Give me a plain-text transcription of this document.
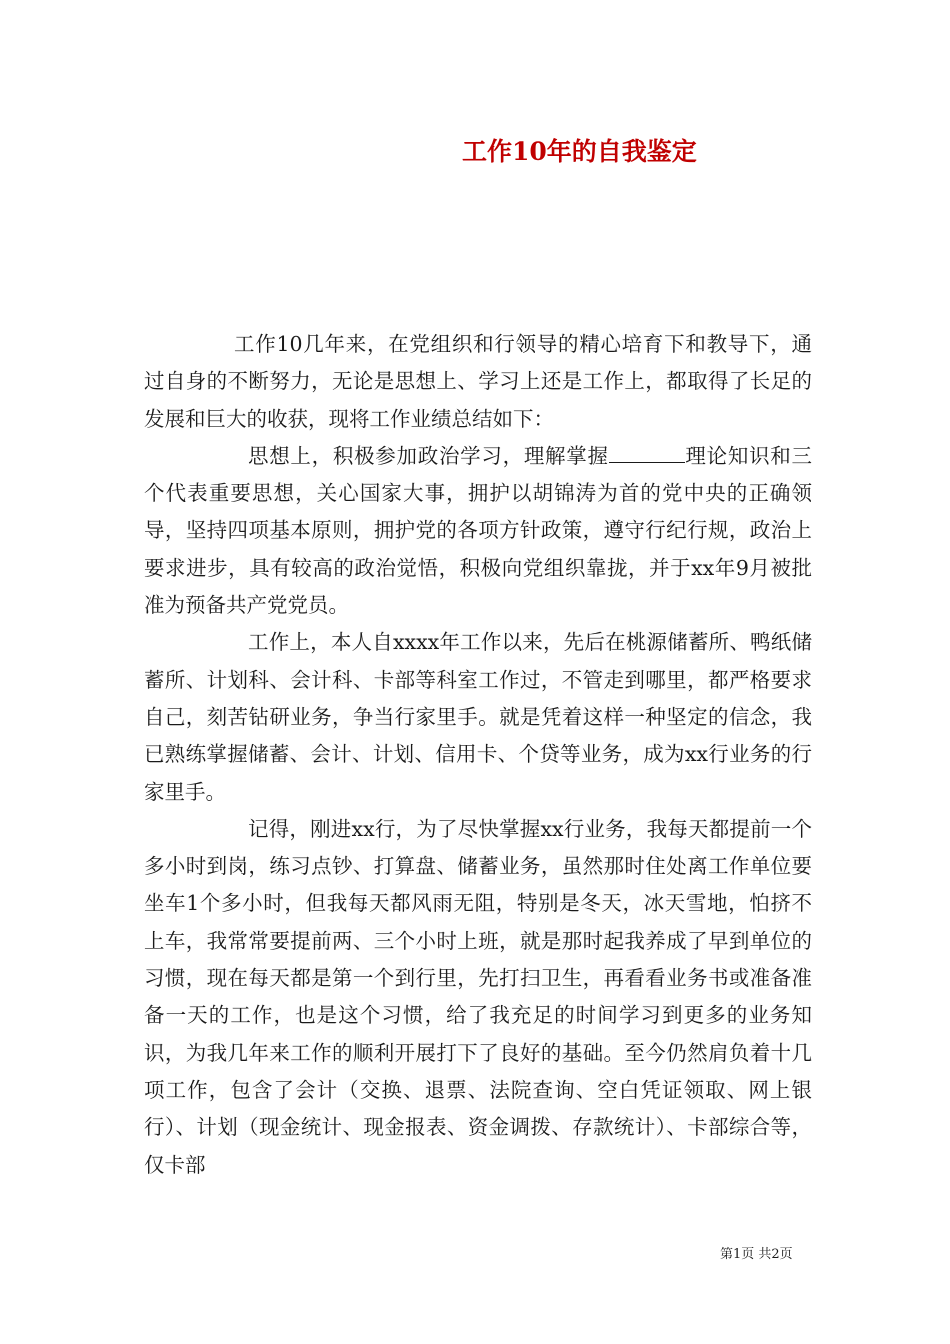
工作10年的自我鉴定

工作10几年来，在党组织和行领导的精心培育下和教导下，通过自身的不断努力，无论是思想上、学习上还是工作上，都取得了长足的发展和巨大的收获，现将工作业绩总结如下：

思想上，积极参加政治学习，理解掌握	理论知识和三个代表重要思想，关心国家大事，拥护以胡锦涛为首的党中央的正确领导，坚持四项基本原则，拥护党的各项方针政策，遵守行纪行规，政治上要求进步，具有较高的政治觉悟，积极向党组织靠拢，并于xx年9月被批准为预备共产党党员。

工作上，本人自xxxx年工作以来，先后在桃源储蓄所、鸭纸储蓄所、计划科、会计科、卡部等科室工作过，不管走到哪里，都严格要求自己，刻苦钻研业务，争当行家里手。就是凭着这样一种坚定的信念，我已熟练掌握储蓄、会计、计划、信用卡、个贷等业务，成为xx行业务的行家里手。

记得，刚进xx行，为了尽快掌握xx行业务，我每天都提前一个多小时到岗，练习点钞、打算盘、储蓄业务，虽然那时住处离工作单位要坐车1个多小时，但我每天都风雨无阻，特别是冬天，冰天雪地，怕挤不上车，我常常要提前两、三个小时上班，就是那时起我养成了早到单位的习惯，现在每天都是第一个到行里，先打扫卫生，再看看业务书或准备准备一天的工作，也是这个习惯，给了我充足的时间学习到更多的业务知识，为我几年来工作的顺利开展打下了良好的基础。至今仍然肩负着十几项工作，包含了会计（交换、退票、法院查询、空白凭证领取、网上银行）、计划（现金统计、现金报表、资金调拨、存款统计）、卡部综合等，仅卡部

第1页 共2页
